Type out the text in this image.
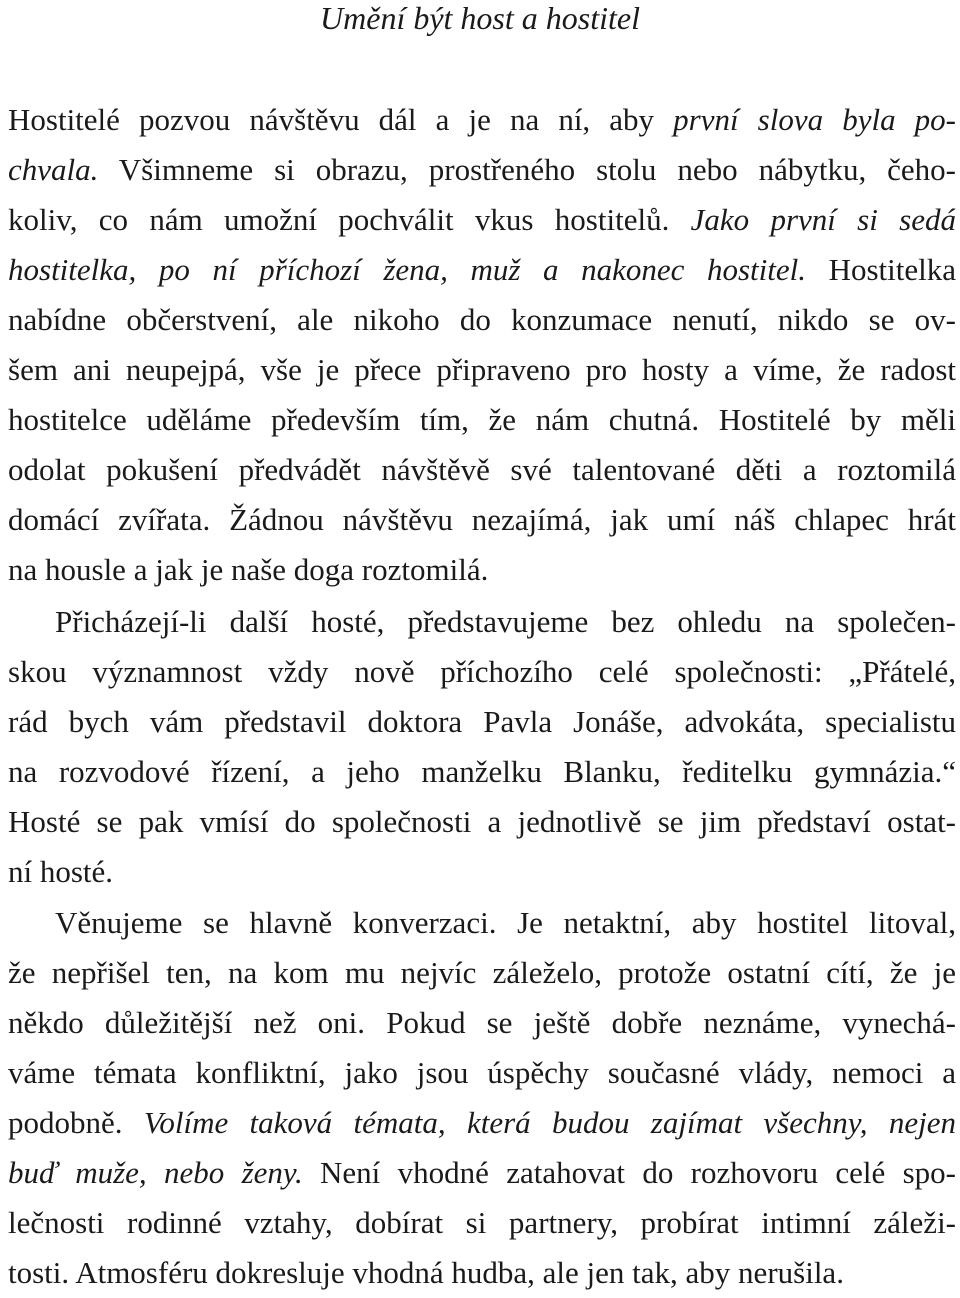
Umění být host a hostitel
Hostitelé pozvou návštěvu dál a je na ní, aby první slova byla po-
chvala. Všimneme si obrazu, prostřeného stolu nebo nábytku, čeho-
koliv, co nám umožní pochválit vkus hostitelů. Jako první si sedá
hostitelka, po ní příchozí žena, muž a nakonec hostitel. Hostitelka
nabídne občerstvení, ale nikoho do konzumace nenutí, nikdo se ov-
šem ani neupejpá, vše je přece připraveno pro hosty a víme, že radost
hostitelce uděláme především tím, že nám chutná. Hostitelé by měli
odolat pokušení předvádět návštěvě své talentované děti a roztomilá
domácí zvířata. Žádnou návštěvu nezajímá, jak umí náš chlapec hrát
na housle a jak je naše doga roztomilá.
Přicházejí-li další hosté, představujeme bez ohledu na společen-
skou významnost vždy nově příchozího celé společnosti: „Přátelé,
rád bych vám představil doktora Pavla Jonáše, advokáta, specialistu
na rozvodové řízení, a jeho manželku Blanku, ředitelku gymnázia.“
Hosté se pak vmísí do společnosti a jednotlivě se jim představí ostat-
ní hosté.
Věnujeme se hlavně konverzaci. Je netaktní, aby hostitel litoval,
že nepřišel ten, na kom mu nejvíc záleželo, protože ostatní cítí, že je
někdo důležitější než oni. Pokud se ještě dobře neznáme, vynechá-
váme témata konfliktní, jako jsou úspěchy současné vlády, nemoci a
podobně. Volíme taková témata, která budou zajímat všechny, nejen
buď muže, nebo ženy. Není vhodné zatahovat do rozhovoru celé spo-
lečnosti rodinné vztahy, dobírat si partnery, probírat intimní záleži-
tosti. Atmosféru dokresluje vhodná hudba, ale jen tak, aby nerušila.
